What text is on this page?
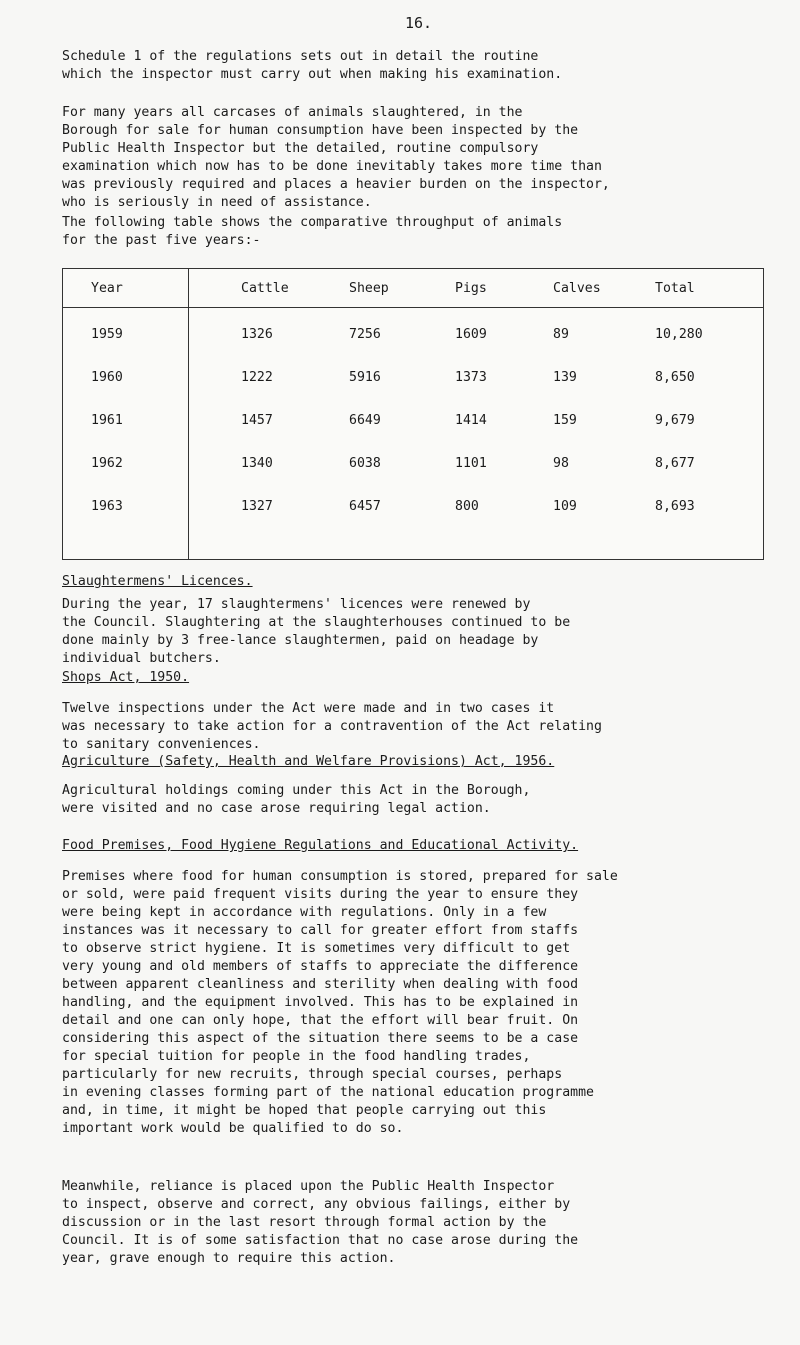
16.
Schedule 1 of the regulations sets out in detail the routine
which the inspector must carry out when making his examination.
For many years all carcases of animals slaughtered, in the
Borough for sale for human consumption have been inspected by the
Public Health Inspector but the detailed, routine compulsory
examination which now has to be done inevitably takes more time than
was previously required and places a heavier burden on the inspector,
who is seriously in need of assistance.
The following table shows the comparative throughput of animals
for the past five years:-
Year	Cattle	Sheep	Pigs	Calves	Total
1959	1326	7256	1609	89	10,280
1960	1222	5916	1373	139	8,650
1961	1457	6649	1414	159	9,679
1962	1340	6038	1101	98	8,677
1963	1327	6457	800	109	8,693
Slaughtermens' Licences.
During the year, 17 slaughtermens' licences were renewed by
the Council. Slaughtering at the slaughterhouses continued to be
done mainly by 3 free-lance slaughtermen, paid on headage by
individual butchers.
Shops Act, 1950.
Twelve inspections under the Act were made and in two cases it
was necessary to take action for a contravention of the Act relating
to sanitary conveniences.
Agriculture (Safety, Health and Welfare Provisions) Act, 1956.
Agricultural holdings coming under this Act in the Borough,
were visited and no case arose requiring legal action.
Food Premises, Food Hygiene Regulations and Educational Activity.
Premises where food for human consumption is stored, prepared for sale
or sold, were paid frequent visits during the year to ensure they
were being kept in accordance with regulations. Only in a few
instances was it necessary to call for greater effort from staffs
to observe strict hygiene. It is sometimes very difficult to get
very young and old members of staffs to appreciate the difference
between apparent cleanliness and sterility when dealing with food
handling, and the equipment involved. This has to be explained in
detail and one can only hope, that the effort will bear fruit. On
considering this aspect of the situation there seems to be a case
for special tuition for people in the food handling trades,
particularly for new recruits, through special courses, perhaps
in evening classes forming part of the national education programme
and, in time, it might be hoped that people carrying out this
important work would be qualified to do so.
Meanwhile, reliance is placed upon the Public Health Inspector
to inspect, observe and correct, any obvious failings, either by
discussion or in the last resort through formal action by the
Council. It is of some satisfaction that no case arose during the
year, grave enough to require this action.
